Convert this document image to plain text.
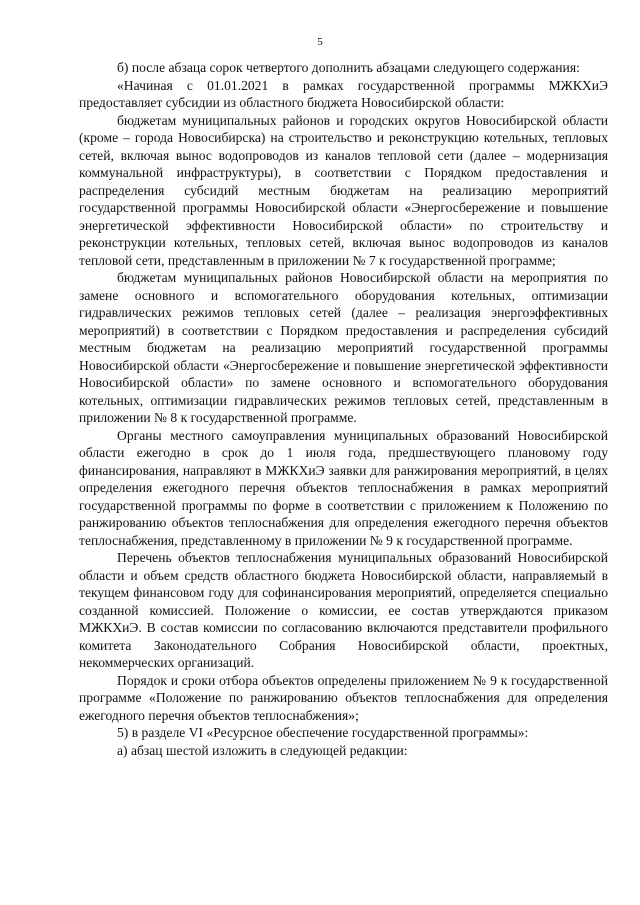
5

б) после абзаца сорок четвертого дополнить абзацами следующего содержания:

«Начиная с 01.01.2021 в рамках государственной программы МЖКХиЭ предоставляет субсидии из областного бюджета Новосибирской области:

бюджетам муниципальных районов и городских округов Новосибирской области (кроме – города Новосибирска) на строительство и реконструкцию котельных, тепловых сетей, включая вынос водопроводов из каналов тепловой сети (далее – модернизация коммунальной инфраструктуры), в соответствии с Порядком предоставления и распределения субсидий местным бюджетам на реализацию мероприятий государственной программы Новосибирской области «Энергосбережение и повышение энергетической эффективности Новосибирской области» по строительству и реконструкции котельных, тепловых сетей, включая вынос водопроводов из каналов тепловой сети, представленным в приложении № 7 к государственной программе;

бюджетам муниципальных районов Новосибирской области на мероприятия по замене основного и вспомогательного оборудования котельных, оптимизации гидравлических режимов тепловых сетей (далее – реализация энергоэффективных мероприятий) в соответствии с Порядком предоставления и распределения субсидий местным бюджетам на реализацию мероприятий государственной программы Новосибирской области «Энергосбережение и повышение энергетической эффективности Новосибирской области» по замене основного и вспомогательного оборудования котельных, оптимизации гидравлических режимов тепловых сетей, представленным в приложении № 8 к государственной программе.

Органы местного самоуправления муниципальных образований Новосибирской области ежегодно в срок до 1 июля года, предшествующего плановому году финансирования, направляют в МЖКХиЭ заявки для ранжирования мероприятий, в целях определения ежегодного перечня объектов теплоснабжения в рамках мероприятий государственной программы по форме в соответствии с приложением к Положению по ранжированию объектов теплоснабжения для определения ежегодного перечня объектов теплоснабжения, представленному в приложении № 9 к государственной программе.

Перечень объектов теплоснабжения муниципальных образований Новосибирской области и объем средств областного бюджета Новосибирской области, направляемый в текущем финансовом году для софинансирования мероприятий, определяется специально созданной комиссией. Положение о комиссии, ее состав утверждаются приказом МЖКХиЭ. В состав комиссии по согласованию включаются представители профильного комитета Законодательного Собрания Новосибирской области, проектных, некоммерческих организаций.

Порядок и сроки отбора объектов определены приложением № 9 к государственной программе «Положение по ранжированию объектов теплоснабжения для определения ежегодного перечня объектов теплоснабжения»;

5) в разделе VI «Ресурсное обеспечение государственной программы»:

а) абзац шестой изложить в следующей редакции:
